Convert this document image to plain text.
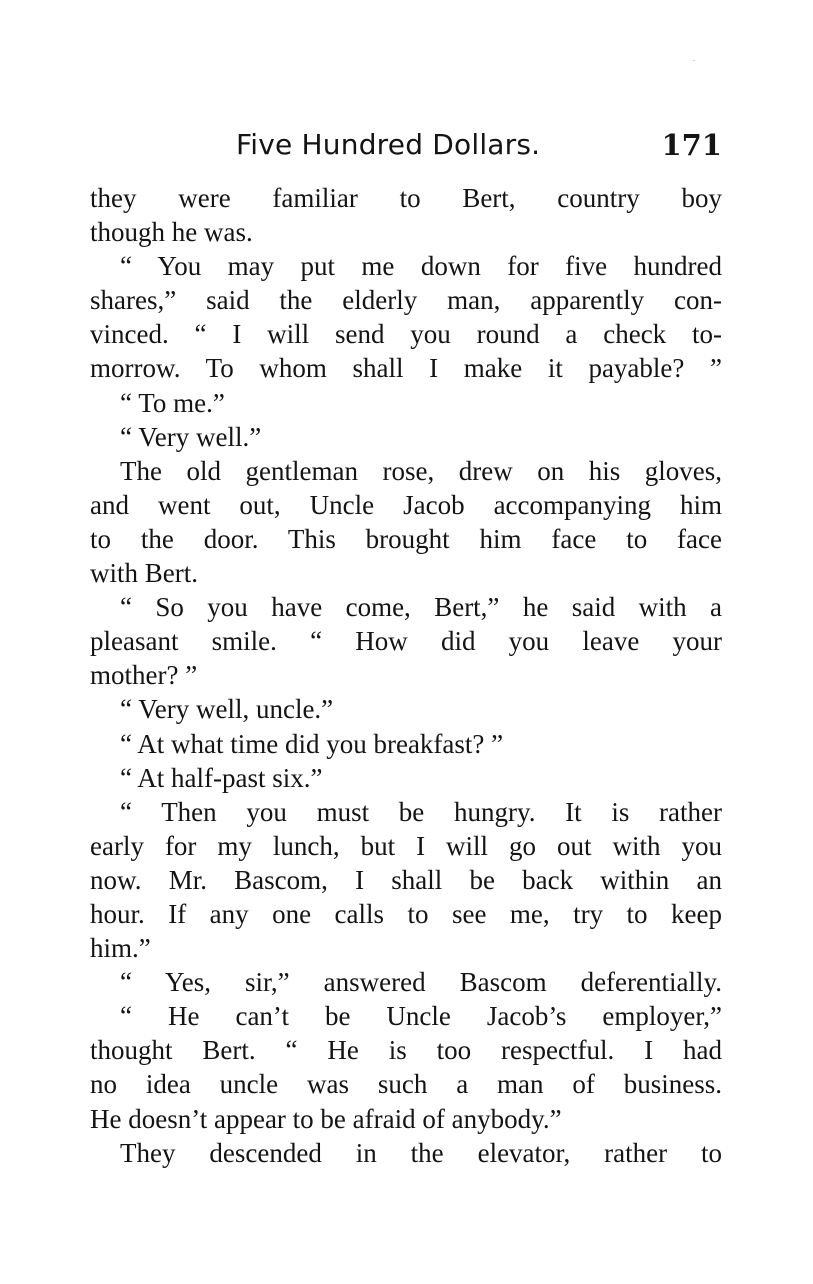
Five Hundred Dollars.	171
they were familiar to Bert, country boy
though he was.
“ You may put me down for five hundred
shares,” said the elderly man, apparently con-
vinced. “ I will send you round a check to-
morrow. To whom shall I make it payable? ”
“ To me.”
“ Very well.”
The old gentleman rose, drew on his gloves,
and went out, Uncle Jacob accompanying him
to the door. This brought him face to face
with Bert.
“ So you have come, Bert,” he said with a
pleasant smile. “ How did you leave your
mother? ”
“ Very well, uncle.”
“ At what time did you breakfast? ”
“ At half-past six.”
“ Then you must be hungry. It is rather
early for my lunch, but I will go out with you
now. Mr. Bascom, I shall be back within an
hour. If any one calls to see me, try to keep
him.”
“ Yes, sir,” answered Bascom deferentially.
“ He can’t be Uncle Jacob’s employer,”
thought Bert. “ He is too respectful. I had
no idea uncle was such a man of business.
He doesn’t appear to be afraid of anybody.”
They descended in the elevator, rather to
